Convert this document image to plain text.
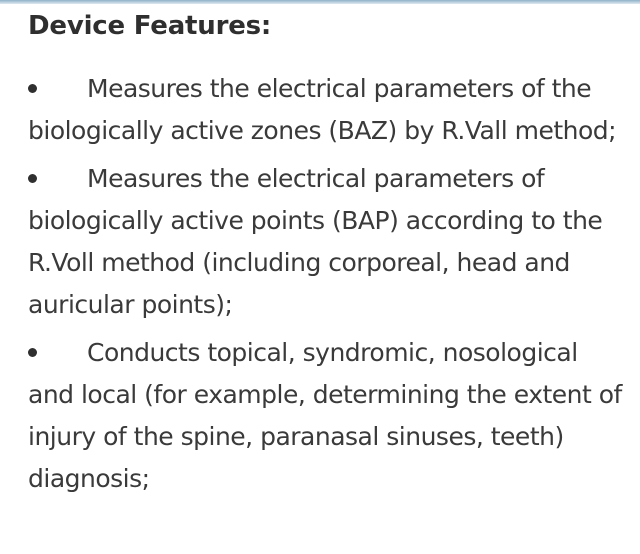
Device Features:
Measures the electrical parameters of the biologically active zones (BAZ) by R.Vall method;
Measures the electrical parameters of biologically active points (BAP) according to the R.Voll method (including corporeal, head and auricular points);
Conducts topical, syndromic, nosological and local (for example, determining the extent of injury of the spine, paranasal sinuses, teeth) diagnosis;
